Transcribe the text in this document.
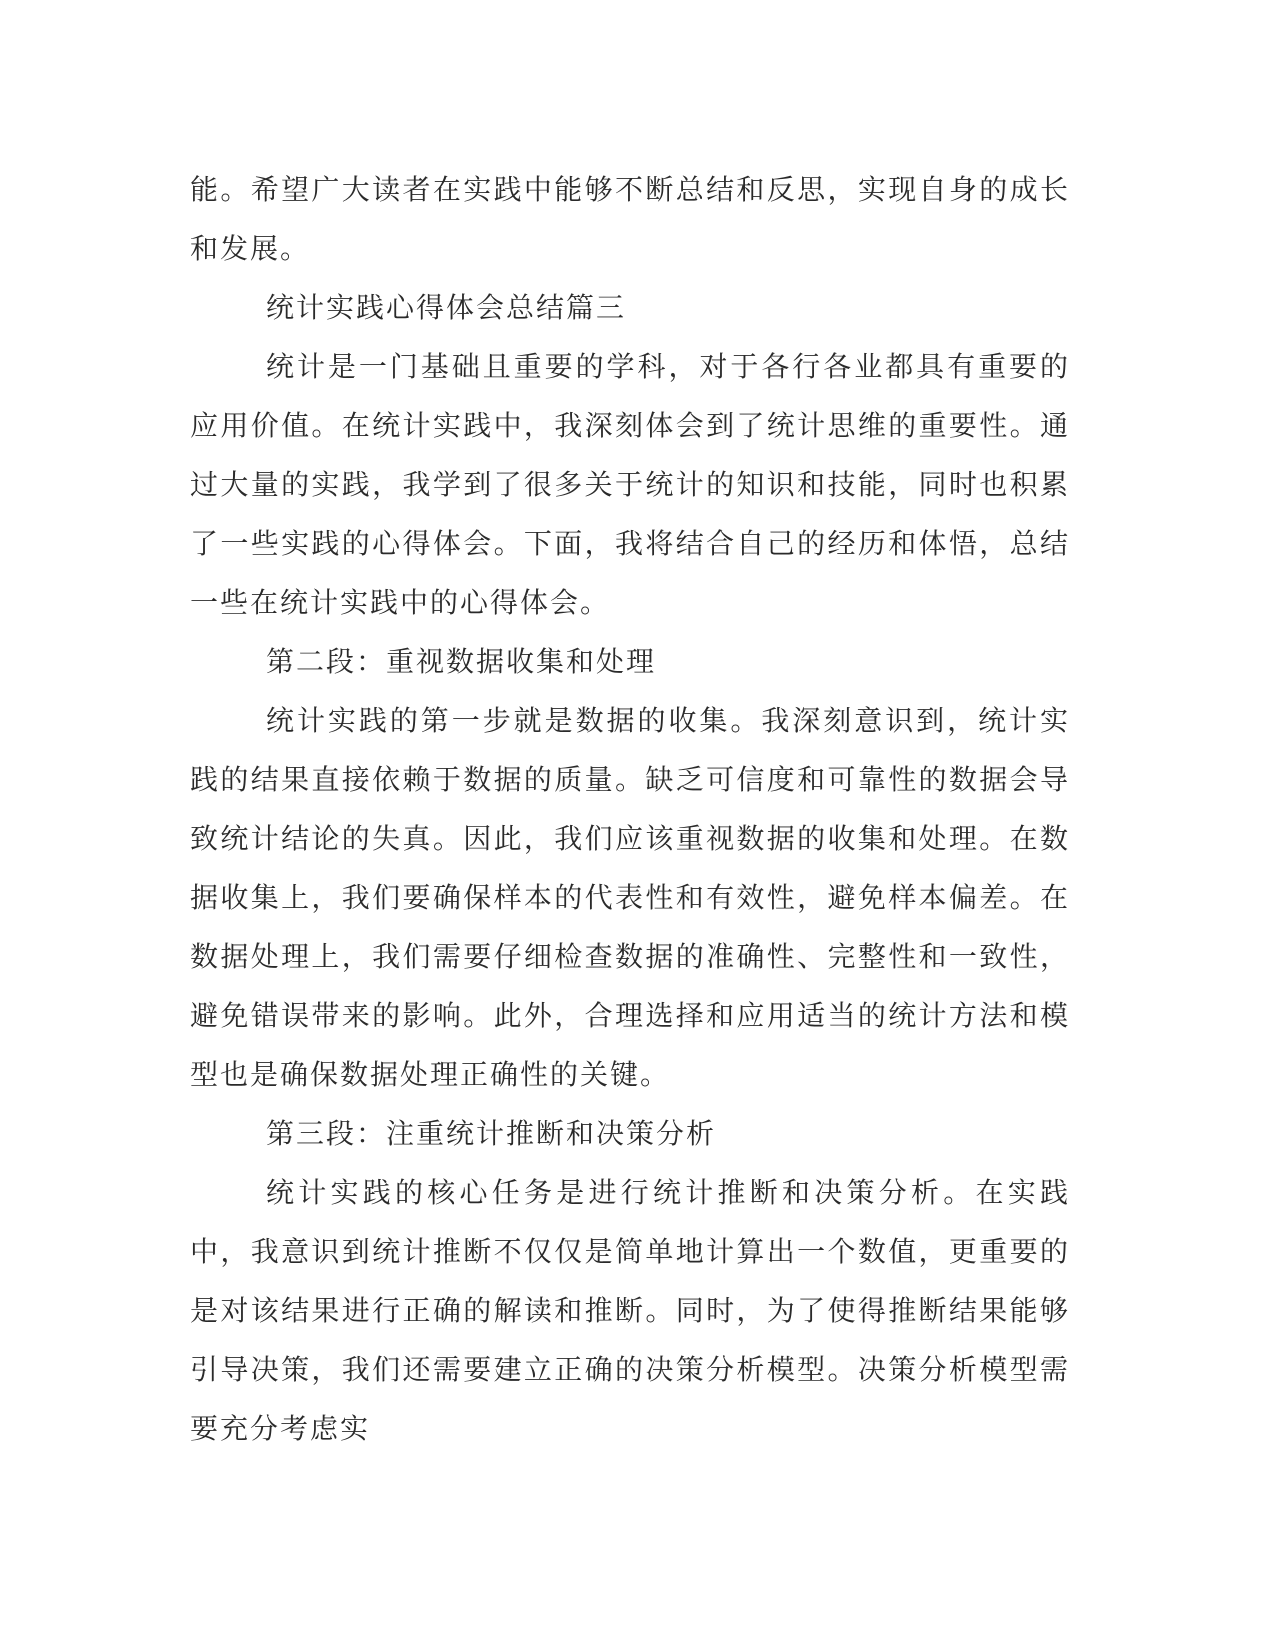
能。希望广大读者在实践中能够不断总结和反思，实现自身的成长和发展。

统计实践心得体会总结篇三

统计是一门基础且重要的学科，对于各行各业都具有重要的应用价值。在统计实践中，我深刻体会到了统计思维的重要性。通过大量的实践，我学到了很多关于统计的知识和技能，同时也积累了一些实践的心得体会。下面，我将结合自己的经历和体悟，总结一些在统计实践中的心得体会。

第二段：重视数据收集和处理

统计实践的第一步就是数据的收集。我深刻意识到，统计实践的结果直接依赖于数据的质量。缺乏可信度和可靠性的数据会导致统计结论的失真。因此，我们应该重视数据的收集和处理。在数据收集上，我们要确保样本的代表性和有效性，避免样本偏差。在数据处理上，我们需要仔细检查数据的准确性、完整性和一致性，避免错误带来的影响。此外，合理选择和应用适当的统计方法和模型也是确保数据处理正确性的关键。

第三段：注重统计推断和决策分析

统计实践的核心任务是进行统计推断和决策分析。在实践中，我意识到统计推断不仅仅是简单地计算出一个数值，更重要的是对该结果进行正确的解读和推断。同时，为了使得推断结果能够引导决策，我们还需要建立正确的决策分析模型。决策分析模型需要充分考虑实
